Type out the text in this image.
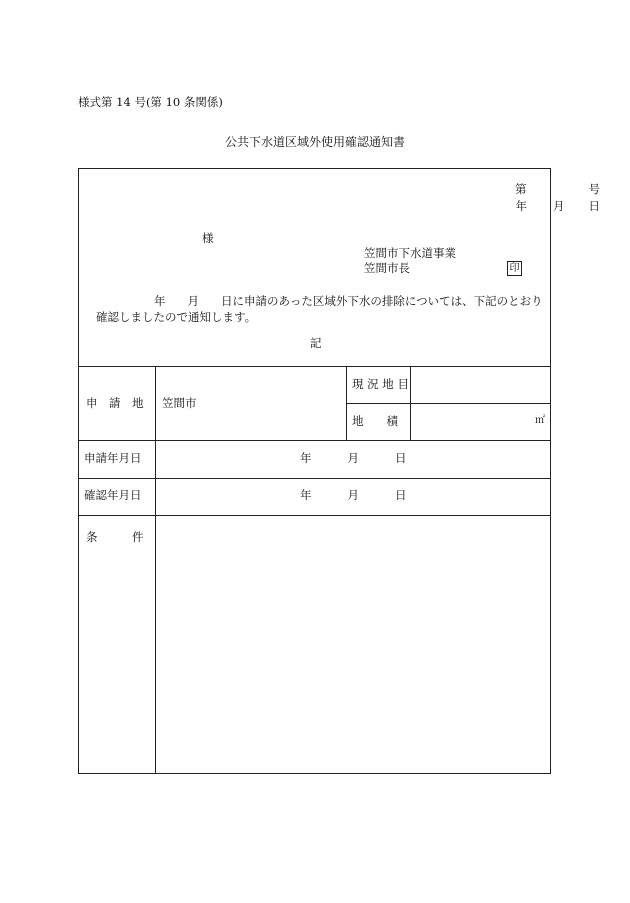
様式第 14 号(第 10 条関係)
公共下水道区域外使用確認通知書
第	号
年 月 日
様
笠間市下水道事業
笠間市長	印
年 月 日に申請のあった区域外下水の排除については、下記のとおり
確認しましたので通知します。
記
申　請　地 笠間市
現 況 地 目
地　　積	㎡
申請年月日	年	月	日
確認年月日	年	月	日
条　　　件
